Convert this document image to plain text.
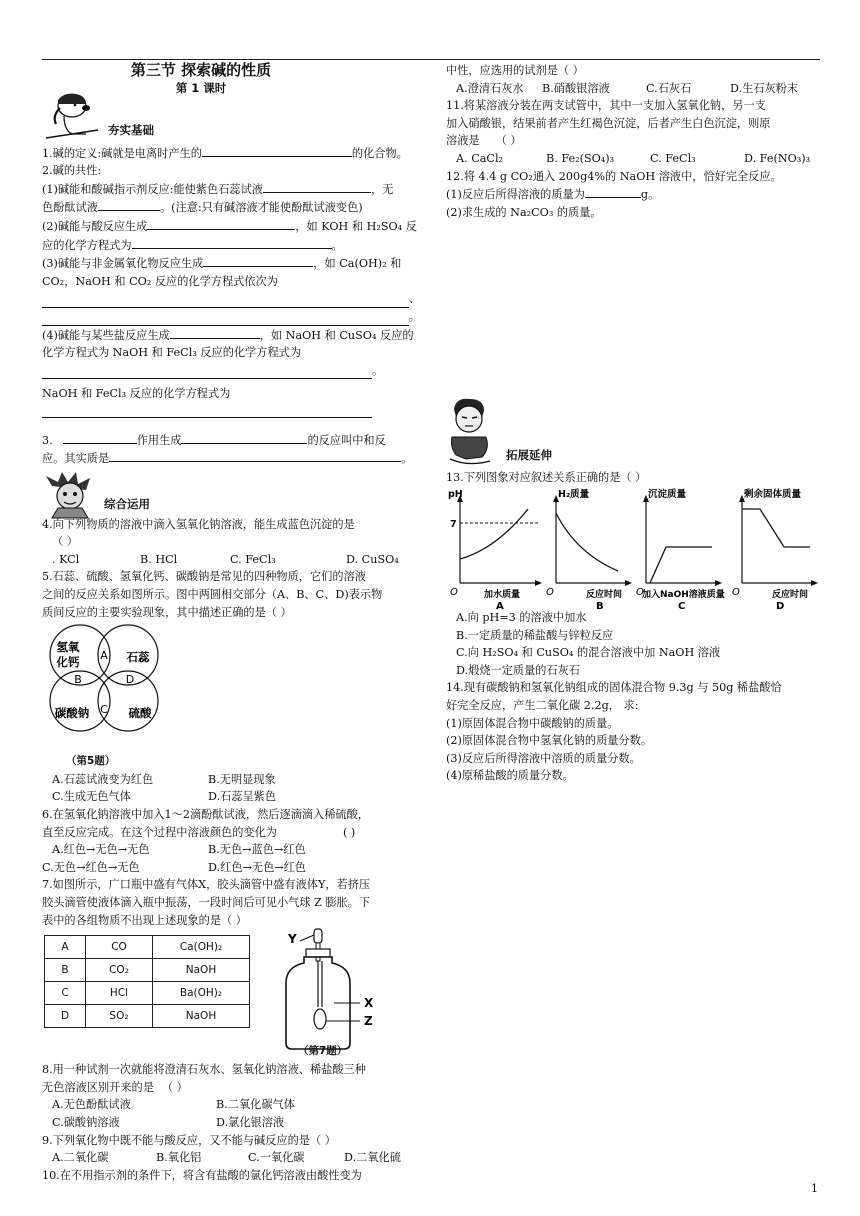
第三节 探索碱的性质
第 1 课时
夯实基础
1.碱的定义:碱就是电离时产生的	的化合物。
2.碱的共性:
(1)碱能和酸碱指示剂反应:能使紫色石蕊试液	，无
色酚酞试液	。(注意:只有碱溶液才能使酚酞试液变色)
(2)碱能与酸反应生成	，如 KOH 和 H₂SO₄ 反
应的化学方程式为	。
(3)碱能与非金属氧化物反应生成	，如 Ca(OH)₂ 和
CO₂，NaOH 和 CO₂ 反应的化学方程式依次为
、
。
(4)碱能与某些盐反应生成	，如 NaOH 和 CuSO₄ 反应的
化学方程式为 NaOH 和 FeCl₃ 反应的化学方程式为
。
NaOH 和 FeCl₃ 反应的化学方程式为
3.	作用生成	的反应叫中和反
应。其实质是	。
综合运用
4.向下列物质的溶液中滴入氢氧化钠溶液，能生成蓝色沉淀的是
（ ）
. KCl	B. HCl	C. FeCl₃	D. CuSO₄
5.石蕊、硫酸、氢氧化钙、碳酸钠是常见的四种物质，它们的溶液
之间的反应关系如图所示。图中两圆相交部分（A、B、C、D)表示物
质间反应的主要实验现象，其中描述正确的是（ ）
氢氧
化钙	石蕊
碳酸钠	硫酸
A
B	D
C
（第5题）
A.石蕊试液变为红色	B.无明显现象
C.生成无色气体	D.石蕊呈紫色
6.在氢氧化钠溶液中加入1～2滴酚酞试液，然后逐滴滴入稀硫酸，
直至反应完成。在这个过程中溶液颜色的变化为	( )
A.红色→无色→无色	B.无色→蓝色→红色
C.无色→红色→无色	D.红色→无色→红色
7.如图所示，广口瓶中盛有气体X，胶头滴管中盛有液体Y，若挤压
胶头滴管使液体滴入瓶中振荡，一段时间后可见小气球 Z 膨胀。下
表中的各组物质不出现上述现象的是（ ）
A	CO	Ca(OH)₂
B	CO₂	NaOH
C	HCl	Ba(OH)₂
D	SO₂	NaOH
Y
X
Z
（第7题）
8.用一种试剂一次就能将澄清石灰水、氢氧化钠溶液、稀盐酸三种
无色溶液区别开来的是 （ ）
A.无色酚酞试液	B.二氧化碳气体
C.碳酸钠溶液	D.氯化银溶液
9.下列氧化物中既不能与酸反应，又不能与碱反应的是（ ）
A.二氧化碳	B.氧化铝	C.一氧化碳	D.二氧化硫
10.在不用指示剂的条件下，将含有盐酸的氯化钙溶液由酸性变为
中性，应选用的试剂是（ ）
A.澄清石灰水	B.硝酸银溶液	C.石灰石	D.生石灰粉末
11.将某溶液分装在两支试管中，其中一支加入氢氧化钠，另一支
加入硝酸银，结果前者产生红褐色沉淀，后者产生白色沉淀，则原
溶液是 （ ）
A. CaCl₂	B. Fe₂(SO₄)₃	C. FeCl₃	D. Fe(NO₃)₃
12.将 4.4 g CO₂通入 200g4%的 NaOH 溶液中，恰好完全反应。
(1)反应后所得溶液的质量为	g。
(2)求生成的 Na₂CO₃ 的质量。
拓展延伸
13.下列图象对应叙述关系正确的是（ ）
pH
7
O	加水质量
A
H₂质量
反应时间
B
沉淀质量
加入NaOH溶液质量
C
剩余固体质量
O	反应时间
D
O	O
A.向 pH=3 的溶液中加水
B.一定质量的稀盐酸与锌粒反应
C.向 H₂SO₄ 和 CuSO₄ 的混合溶液中加 NaOH 溶液
D.煅烧一定质量的石灰石
14.现有碳酸钠和氢氧化钠组成的固体混合物 9.3g 与 50g 稀盐酸恰
好完全反应，产生二氧化碳 2.2g， 求:
(1)原固体混合物中碳酸钠的质量。
(2)原固体混合物中氢氧化钠的质量分数。
(3)反应后所得溶液中溶质的质量分数。
(4)原稀盐酸的质量分数。
1
